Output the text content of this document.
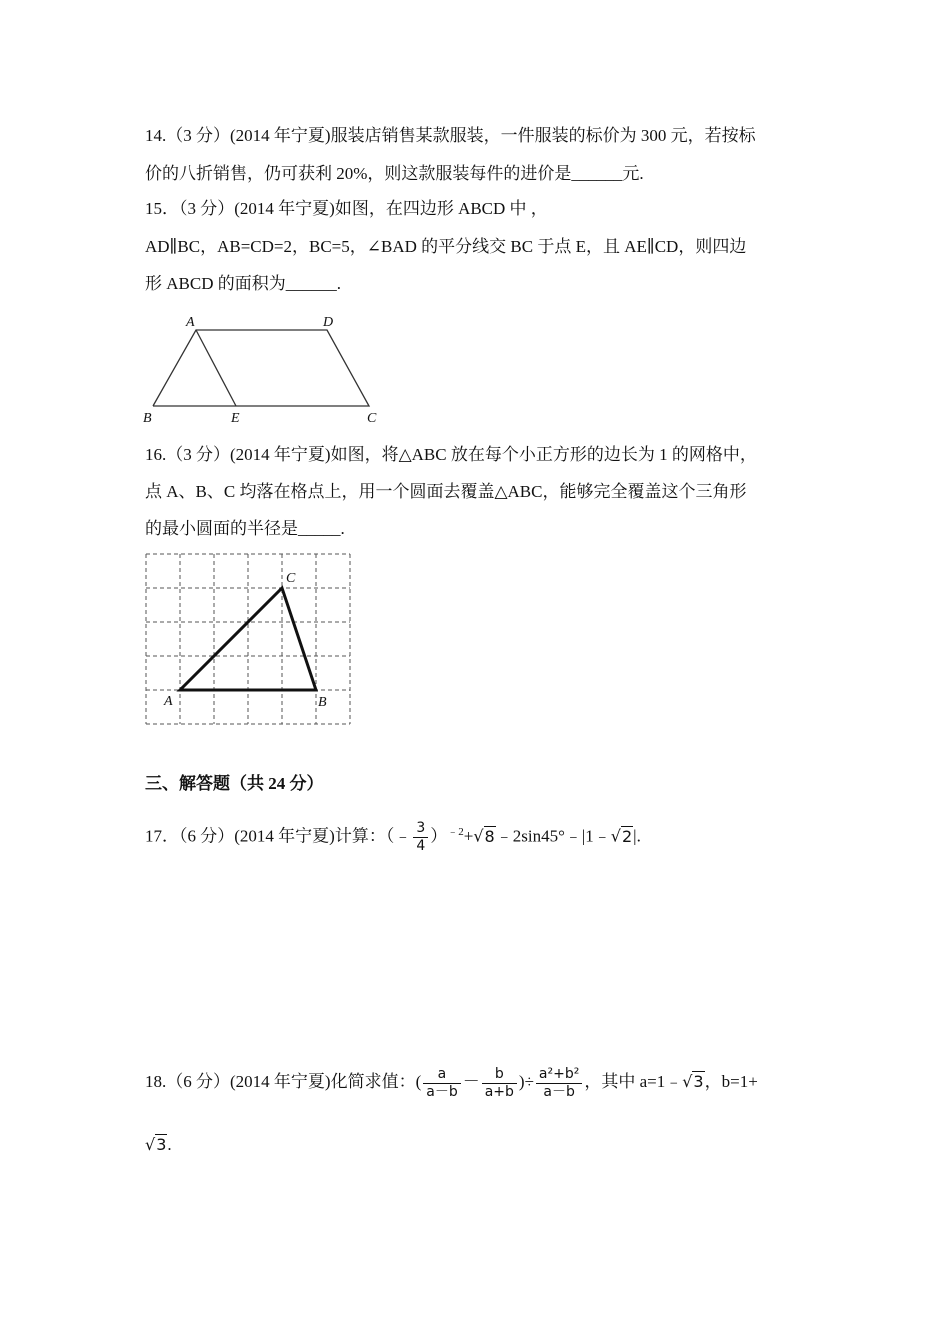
14.（3 分）(2014 年宁夏)服装店销售某款服装，一件服装的标价为 300 元，若按标
价的八折销售，仍可获利 20%，则这款服装每件的进价是______元.
15．（3 分）(2014 年宁夏)如图，在四边形 ABCD 中 ，
AD∥BC，AB=CD=2，BC=5，∠BAD 的平分线交 BC 于点 E，且 AE∥CD，则四边
形 ABCD 的面积为______.
A	D
B	E	C
16.（3 分）(2014 年宁夏)如图，将△ABC 放在每个小正方形的边长为 1 的网格中，
点 A、B、C 均落在格点上，用一个圆面去覆盖△ABC，能够完全覆盖这个三角形
的最小圆面的半径是_____.
C
A	B
三、解答题（共 24 分）
17．（6 分）(2014 年宁夏)计算：（﹣ $\frac{3}{4}$ ）$^{﹣2}$+√8﹣2sin45°﹣|1﹣√2|.
18.（6 分）(2014 年宁夏)化简求值：( $\frac{a}{a-b} - \frac{b}{a+b}$ )÷ $\frac{\text{a²+b²}}{a-b}$ ，其中 a=1﹣√3，b=1+
√3.
